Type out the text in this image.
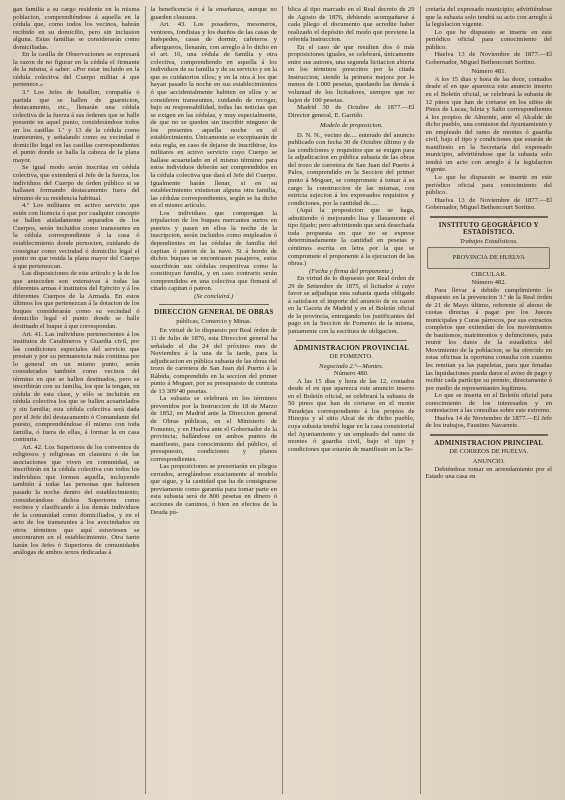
gan familia a su cargo residente en la misma poblacion, comprendiéndose á aquella en la cédula que, como todos los vecinos, habrán recibido en su domicilio, pero sin inclusion alguna. Estas familias se considerarán como domiciliadas.

En la casilla de Observaciones se expresará la razon de no figurar en la cédula el firmante de la misma, á saber: «Por estar incluido en la cédula colectiva del Cuerpo militar á que pertenece.»

3.º Los Jefes de batallon, compañía ó partida que se hallen de guarnicion, destacamento, etc., llenarán una cédula colectiva de la fuerza á sus órdenes que se halle presente en aquel punto, considerándose todos en los casillas 1.ª y 13 de la cédula como transeuntes, y señalando como su vecindad ó domicilio legal en las casillas correspondientes el punto donde se halla la cabeza de la plana mayor.

Se igual modo serán inscritas en cédula colectiva, que extenderá el Jefe de la fuerza, los individuos del Cuerpo de órden público si se hallasen formando destacamento fuera del término de su residencia habitual.

4.º Los militares en activo servicio que estén con licencia ó que por cualquier concepto se hallen aisladamente separados de los Cuerpos, serán incluidos como transeuntes en la cédula correspondiente á la casa ó establecimiento donde pernocten, cuidando de consignar como vecindad ó domicilio legal el punto en que resida la plana mayor del Cuerpo á que pertenezcan.

Las disposiciones de este artículo y la de los que anteceden son extensivas á todas las diferentes armas é institutos del Ejército y á los diferentes Cuerpos de la Armada. En estos últimos los que pertenezcan á la dotacion de los buques considerarán como su vecindad ó domicilio legal el punto donde se halle destinado el buque á que correspondan.

Art. 41. Las individuos pertenecientes á los institutos de Carabineros y Guardia civil, por las condiciones especiales del servicio que prestan y por su permanencia más continua por lo general en un mismo punto, serán considerados también como vecinos del término en que se hallen destinados, pero se inscribirán con su familia, los que la tengan, en cédula de esta clase, y sólo se incluirán en cédula colectiva los que se hallen acuartelados y sin familia; esta cédula colectiva será dada por el Jefe del destacamento ó Comandante del puesto, comprendiéndose él mismo con toda familia, ó fuera de ellas, á formar la en casa contraria.

Art. 42. Los Superiores de los conventos de religiosos y religiosas en clausura ó de las asociaciones que viven en comunidad, se inscribirán en la cédula colectiva con todos los individuos que formen aquella, incluyendo también á todas las personas que habiesen pasado la noche dentro del establecimiento; considerándose dichos Superiores como vecinos y clasificando á los demás individuos de la comunidad como domiciliados, y en el acto de los transeuntes á los avecindados en otros términos que aquí estuviesen se encontraren en el establecimiento. Otra tanto harán los Jefes ó Superiores de comunidades análogas de ambos sexos dedicadas á

la beneficencia ó á la enseñanza, aunque no guarden clausura.

Art. 43. Los posaderos, mesoneros, ventores, fondistas y los dueños de las casas de huéspedes, casas de dormir, cafeteros y albergueros, llenarán, con arreglo á lo dicho en el art. 16, una cédula de familia y otra colectiva, comprendiendo en aquella á los individuos de su familia y de su servicio y en la que es cuidatorios ellos; y en la otra á los que hayan pasado la noche en sus establecimientos ó que accidentalmente habiten en ellos y se consideren transeuntes, cuidando de recoger, bajo su responsabilidad, todas las noticias que se exigen en las cédulas, y muy especialmente, de que no se queden sin inscribir ninguno de los presentes aquella noche en el establecimiento. Únicamente se exceptuarán de esta regla, en caso de dejarse de inscribirse, los militares en activo servicio cuyo Cuerpo se hallase acuartelado en el mismo término: para estos individuos deberán ser comprendidos en la cédula colectiva que dará el Jefe del Cuerpo. Igualmente harán llenar, si en su establecimiento existieran alguna otra familia, las cédulas correspondientes, según se ha dicho en el mismo artículo.

Los individuos que compongan la tripulacion de los buques mercantes surtos en puertos y pasen en ellos la noche de la inscripcion, serán incluidos como empleados ó dependientes en las cédulas de familia del capitan ó patron de la nave. Si á bordo de dichos buques se encontrasen pasajeros, estos suscribirán sus cédulas respectivas como la constituyan familia, y en caso contrario serán comprendidos en una colectiva que firmará el citado capitan ó patron.

(Se concluirá.)

DIRECCION GENERAL DE OBRAS
públicas, Comercio y Minas.

En virtud de lo dispuesto por Real órden de 11 de Julio de 1876, esta Direccion general ha señalado el dia 24 del próximo mes de Noviembre á la una de la tarde, para la adjudicacion en pública subasta de las obras del trozo de carretera de San Juan del Puerto á la Rábida, comprendido en la seccion del primer punto á Moguer, por su presupuesto de contrata de 13 309’40 pesetas.

La subasta se celebrará en los términos prevenidos por la Instruccion de 18 de Marzo de 1852, en Madrid ante la Direccion general de Obras públicas, en el Ministerio de Fomento, y en Huelva ante el Gobernador de la provincia; hallándose en ambos puntos de manifiesto, para conocimiento del público, el presupuesto, condiciones y planos correspondientes.

Las proposiciones se presentarán en pliegos cerrados, arreglándose exactamente al modelo que sigue, y la cantidad que ha de consignarse previamente como garantía para tomar parte en esta subasta será de 800 pesetas en dinero ó acciones de caminos, ó bien en efectos de la Deuda pú-

blica al tipo marcado en el Real decreto de 29 de Agosto de 1876, debiendo acompañarse á cada pliego el documento que acredite haber realizado el depósito del modo que previene la referida Instruccion.

En el caso de que resulten dos ó más proposiciones iguales, se celebrará, únicamente entre sus autores, una segunda licitacion abierta en los términos prescritos por la citada Instruccion; siendo la primera mejora por lo menos de 1.000 pesetas, quedando las demás á voluntad de los licitadores, siempre que no bajen de 100 pesetas.

Madrid 30 de Octubre de 1877.—El Director general, E. Garrido.

Modelo de proposicion.

D. N. N., vecino de.... enterado del anuncio publicado con fecha 30 de Octubre último y de las condiciones y requisitos que se exigen para la adjudicacion en pública subasta de las obras del trozo de carretera de San Juan del Puerto á Palos, comprendido en la Seccion del primer punto á Moguer, se compromete á tomar á su cargo la construccion de las mismas, con estricta sujecion á los expresados requisitos y condiciones, por la cantidad de.....

(Aquí la proposicion que se haga, admitiendo ó mejorando lisa y llanamente el tipo fijado; pero advirtiendo que será desechada toda propuesta en que no se exprese determinadamente la cantidad en pesetas y céntimos escrita en letra por la que se compromete el proponente á la ejecucion de las obras.)

(Fecha y firma del proponente.)

En virtud de lo dispuesto por Real órden de 29 de Setiembre de 1875, el licitador á cuyo favor se adjudique esta subasta queda obligado á satisfacer el importe del anuncio de su razon en la Gaceta de Madrid y en el Boletín oficial de la provincia, entregando los justificantes del pago en la Seccion de Fomento de la misma, juntamente con la escritura de obligacion.

ADMINISTRACION PROVINCIAL
DE FOMENTO.

Negociado 2.º—Montes.

Número 480.

A las 15 dias y hora de las 12, contados desde el en que aparezca este anuncio inserto en el Boletín oficial, se celebrará la subasta de 50 pinos que han de cortarse en el monte Paradejas correspondiente á los propios de Hinojos y al sitio Alcai de de dicho pueblo, cuya subasta tendrá lugar en la casa consistorial del Ayuntamiento y un empleado del ramo de montes ó guardia civil, bajo el tipo y condiciones que estarán de manifiesto en la Se-

cretaría del expresado municipio; advirtiéndose que la subasta solo tendrá su acto con arreglo á la legislacion vigente.

Lo que he dispuesto se inserte en este periódico oficial para conocimiento del público.

Huelva 13 de Noviembre de 1877.—El Gobernador, Miguel Bethencourt Sortino.

Número 481.

A los 15 dias y hora de las doce, contados desde el en que aparezca este anuncio inserto en el Boletín oficial, se celebrará la subasta de 12 pinos que han de cortarse en los sitios de Pinos de Lucas, Isleta y Salto correspondientes á los propios de Almonte, ante el Alcalde de dicho pueblo, una comision del Ayuntamiento y un empleado del ramo de montes ó guardia civil, bajo el tipo y condiciones que estarán de manifiesto en la Secretaría del expresado municipio, advirtiéndose que la subasta solo tendrá un acto con arreglo á la legislacion vigente.

Lo que he dispuesto se inserte en este periódico oficial para conocimiento del público.

Huelva 13 de Noviembre de 1877.—El Gobernador, Miguel Bethencourt Sortino.

INSTITUTO GEOGRÁFICO Y ESTADÍSTICO.
Trabajos Estadísticos.
PROVINCIA DE HUELVA

CIRCULAR.

Número 482.

Para llevar á debido cumplimiento lo dispuesto en la prevencion 3.ª de la Real órden de 21 de Mayo último, referente al abono de cuotas directas á pagar por los Jueces municipales y Curas párrocos, por sus extractos completos que extiendan de los movimientos de bautismos, matrimonios y defunciones, para reunir los datos de la estadística del Movimiento de la poblacion, se ha ofrecido en estas oficinas la oportuna consulta con cuantos les remitan ya las papeletas, para que fenadas las liquidaciones pueda darse el aviso de pago y recibir cada partícipe su premio, directamente ó por medio de representantes legítimos.

Lo que se inserta en el Boletín oficial para conocimiento de los interesados y en contestacion á las consultas sobre este extremo.

Huelva 14 de Noviembre de 1877.—El Jefe de los trabajos, Faustino Navarrete.

ADMINISTRACION PRINCIPAL
DE CORREOS DE HUELVA.

ANUNCIO.

Debiéndose tomar en arrendamiento por el Estado una casa en
